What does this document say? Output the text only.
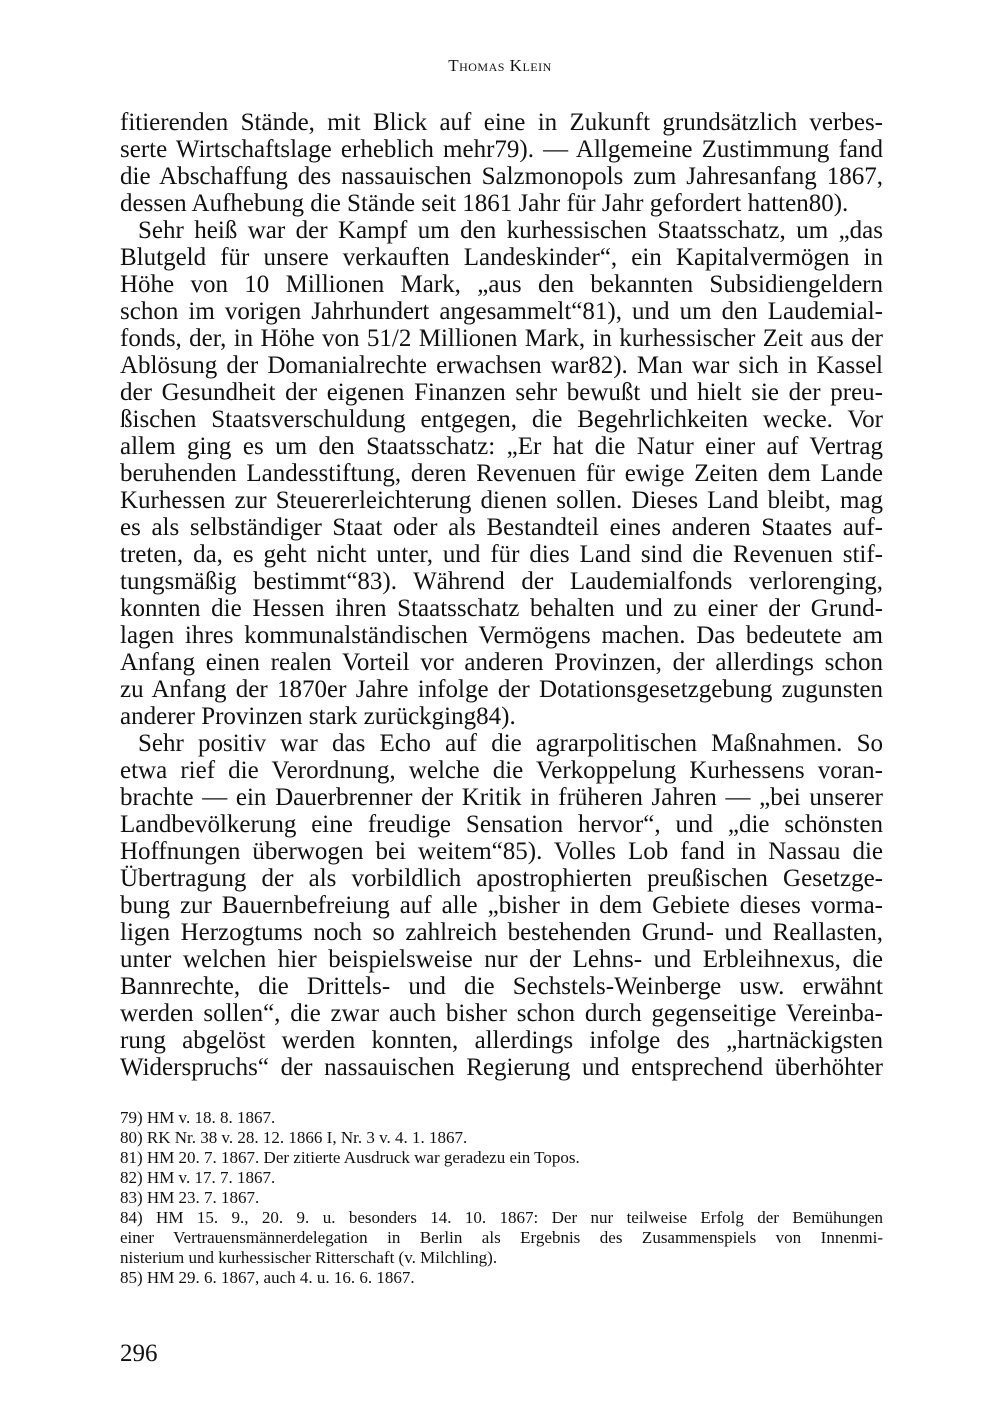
Thomas Klein
fitierenden Stände, mit Blick auf eine in Zukunft grundsätzlich verbes-
serte Wirtschaftslage erheblich mehr79). — Allgemeine Zustimmung fand
die Abschaffung des nassauischen Salzmonopols zum Jahresanfang 1867,
dessen Aufhebung die Stände seit 1861 Jahr für Jahr gefordert hatten80).
Sehr heiß war der Kampf um den kurhessischen Staatsschatz, um „das
Blutgeld für unsere verkauften Landeskinder“, ein Kapitalvermögen in
Höhe von 10 Millionen Mark, „aus den bekannten Subsidiengeldern
schon im vorigen Jahrhundert angesammelt“81), und um den Laudemial-
fonds, der, in Höhe von 51/2 Millionen Mark, in kurhessischer Zeit aus der
Ablösung der Domanialrechte erwachsen war82). Man war sich in Kassel
der Gesundheit der eigenen Finanzen sehr bewußt und hielt sie der preu-
ßischen Staatsverschuldung entgegen, die Begehrlichkeiten wecke. Vor
allem ging es um den Staatsschatz: „Er hat die Natur einer auf Vertrag
beruhenden Landesstiftung, deren Revenuen für ewige Zeiten dem Lande
Kurhessen zur Steuererleichterung dienen sollen. Dieses Land bleibt, mag
es als selbständiger Staat oder als Bestandteil eines anderen Staates auf-
treten, da, es geht nicht unter, und für dies Land sind die Revenuen stif-
tungsmäßig bestimmt“83). Während der Laudemialfonds verlorenging,
konnten die Hessen ihren Staatsschatz behalten und zu einer der Grund-
lagen ihres kommunalständischen Vermögens machen. Das bedeutete am
Anfang einen realen Vorteil vor anderen Provinzen, der allerdings schon
zu Anfang der 1870er Jahre infolge der Dotationsgesetzgebung zugunsten
anderer Provinzen stark zurückging84).
Sehr positiv war das Echo auf die agrarpolitischen Maßnahmen. So
etwa rief die Verordnung, welche die Verkoppelung Kurhessens voran-
brachte — ein Dauerbrenner der Kritik in früheren Jahren — „bei unserer
Landbevölkerung eine freudige Sensation hervor“, und „die schönsten
Hoffnungen überwogen bei weitem“85). Volles Lob fand in Nassau die
Übertragung der als vorbildlich apostrophierten preußischen Gesetzge-
bung zur Bauernbefreiung auf alle „bisher in dem Gebiete dieses vorma-
ligen Herzogtums noch so zahlreich bestehenden Grund- und Reallasten,
unter welchen hier beispielsweise nur der Lehns- und Erbleihnexus, die
Bannrechte, die Drittels- und die Sechstels-Weinberge usw. erwähnt
werden sollen“, die zwar auch bisher schon durch gegenseitige Vereinba-
rung abgelöst werden konnten, allerdings infolge des „hartnäckigsten
Widerspruchs“ der nassauischen Regierung und entsprechend überhöhter
79) HM v. 18. 8. 1867.
80) RK Nr. 38 v. 28. 12. 1866 I, Nr. 3 v. 4. 1. 1867.
81) HM 20. 7. 1867. Der zitierte Ausdruck war geradezu ein Topos.
82) HM v. 17. 7. 1867.
83) HM 23. 7. 1867.
84) HM 15. 9., 20. 9. u. besonders 14. 10. 1867: Der nur teilweise Erfolg der Bemühungen
einer Vertrauensmännerdelegation in Berlin als Ergebnis des Zusammenspiels von Innenmi-
nisterium und kurhessischer Ritterschaft (v. Milchling).
85) HM 29. 6. 1867, auch 4. u. 16. 6. 1867.
296
